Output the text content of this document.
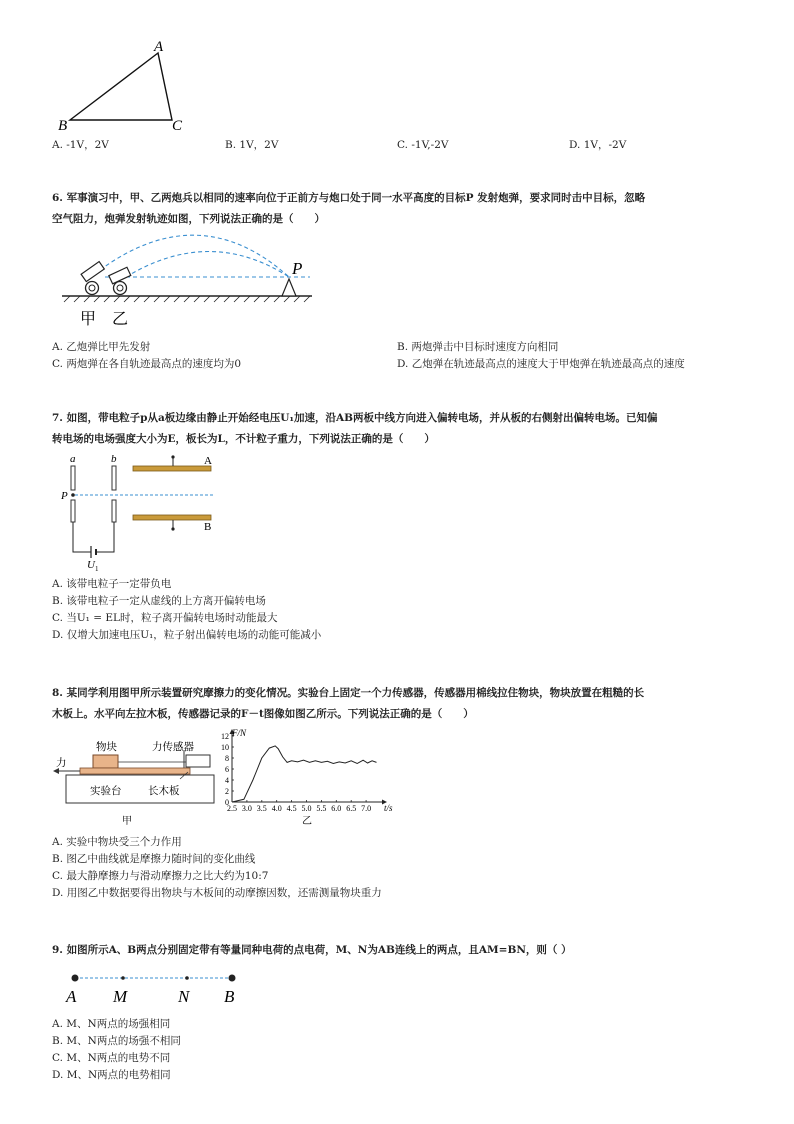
A
B	C
A. -1V，2V	B. 1V，2V	C. -1V,-2V	D. 1V，-2V
6. 军事演习中，甲、乙两炮兵以相同的速率向位于正前方与炮口处于同一水平高度的目标P 发射炮弹，要求同时击中目标，忽略
空气阻力，炮弹发射轨迹如图，下列说法正确的是（　　）
P
甲 乙
A. 乙炮弹比甲先发射	B. 两炮弹击中目标时速度方向相同
C. 两炮弹在各自轨迹最高点的速度均为0	D. 乙炮弹在轨迹最高点的速度大于甲炮弹在轨迹最高点的速度
7. 如图，带电粒子p从a板边缘由静止开始经电压U₁加速，沿AB两板中线方向进入偏转电场，并从板的右侧射出偏转电场。已知偏
转电场的电场强度大小为E，板长为L，不计粒子重力，下列说法正确的是（　　）
a	b
P
A
B
U 1
A. 该带电粒子一定带负电
B. 该带电粒子一定从虚线的上方离开偏转电场
C. 当U₁ = EL时，粒子离开偏转电场时动能最大
D. 仅增大加速电压U₁，粒子射出偏转电场的动能可能减小
8. 某同学利用图甲所示装置研究摩擦力的变化情况。实验台上固定一个力传感器，传感器用棉线拉住物块，物块放置在粗糙的长
木板上。水平向左拉木板，传感器记录的F－t图像如图乙所示。下列说法正确的是（　　）
物块	力传感器
力
实验台	长木板
甲
0
2
4
6
8
10
12
2.5 3.0 3.5 4.0 4.5 5.0 5.5 6.0 6.5 7.0
F/N
t/s
乙
A. 实验中物块受三个力作用
B. 图乙中曲线就是摩擦力随时间的变化曲线
C. 最大静摩擦力与滑动摩擦力之比大约为10:7
D. 用图乙中数据要得出物块与木板间的动摩擦因数，还需测量物块重力
9. 如图所示A、B两点分别固定带有等量同种电荷的点电荷，M、N为AB连线上的两点，且AM=BN，则（ ）
A M	N B
A. M、N两点的场强相同
B. M、N两点的场强不相同
C. M、N两点的电势不同
D. M、N两点的电势相同
